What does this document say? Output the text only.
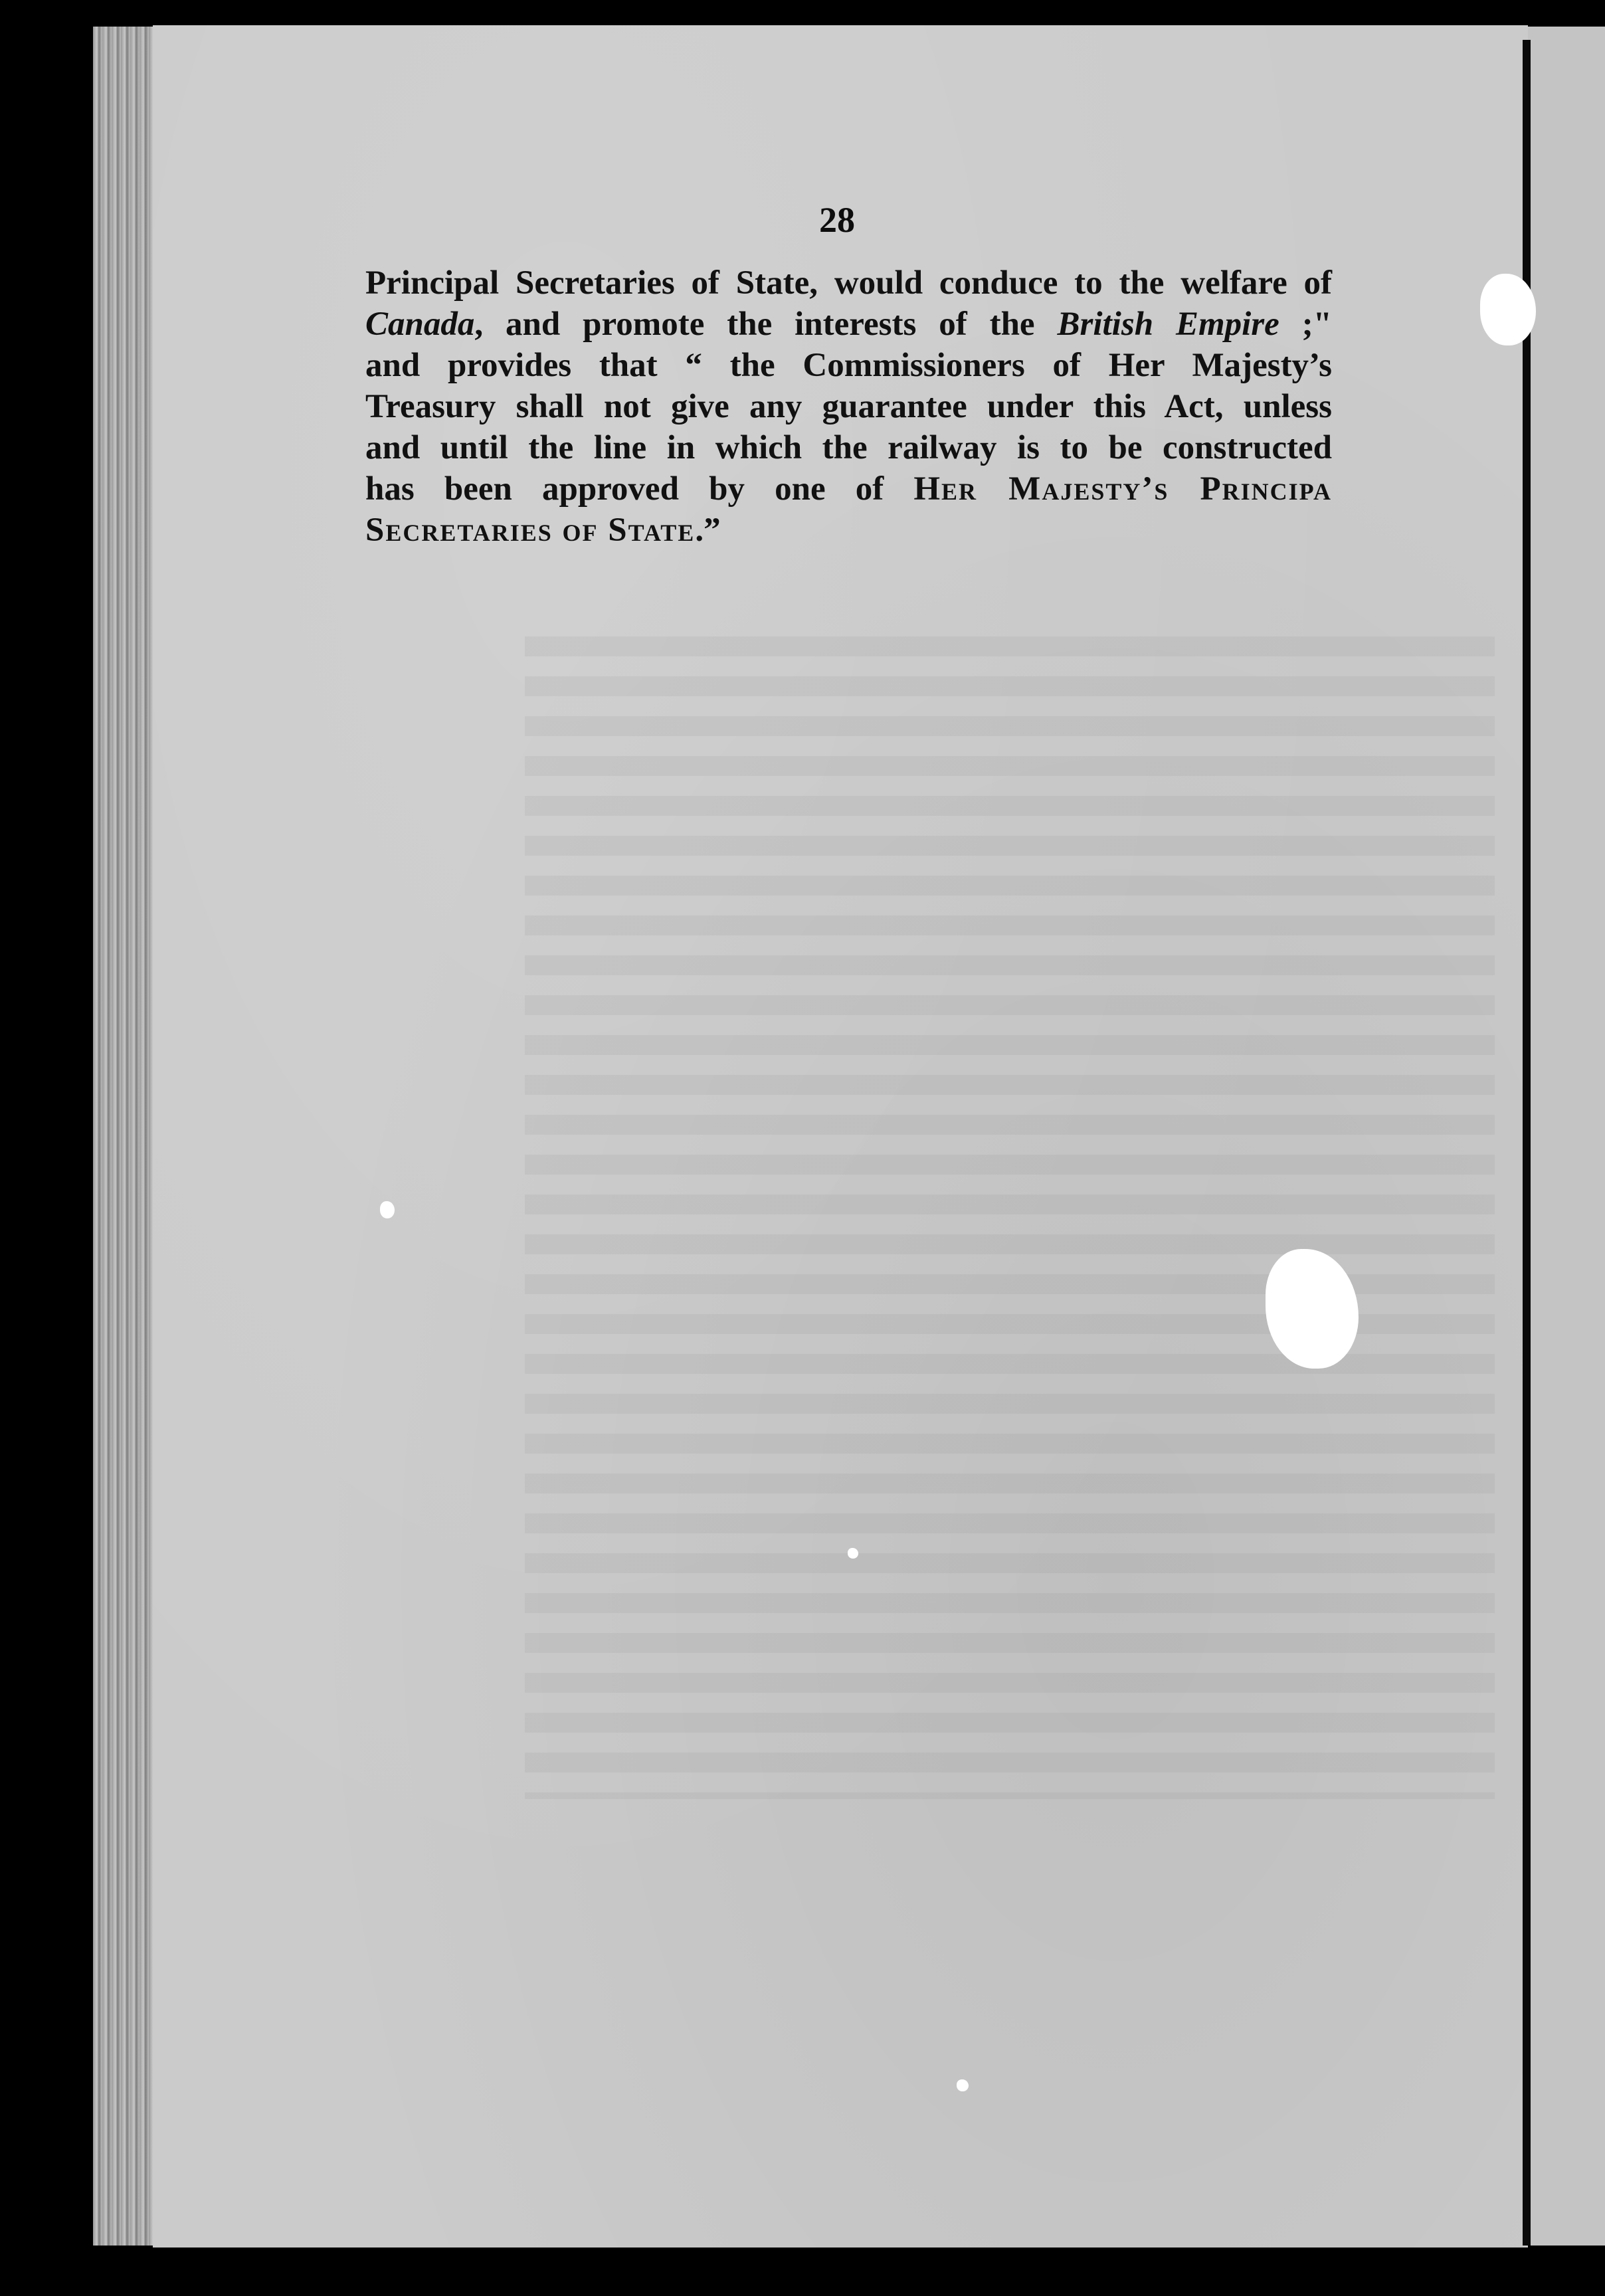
28

Principal Secretaries of State, would conduce to the welfare of
Canada, and promote the interests of the British Empire ;"
and provides that “ the Commissioners of Her Majesty’s
Treasury shall not give any guarantee under this Act, unless
and until the line in which the railway is to be constructed
has been approved by one of Her Majesty’s Principa
Secretaries of State.”
